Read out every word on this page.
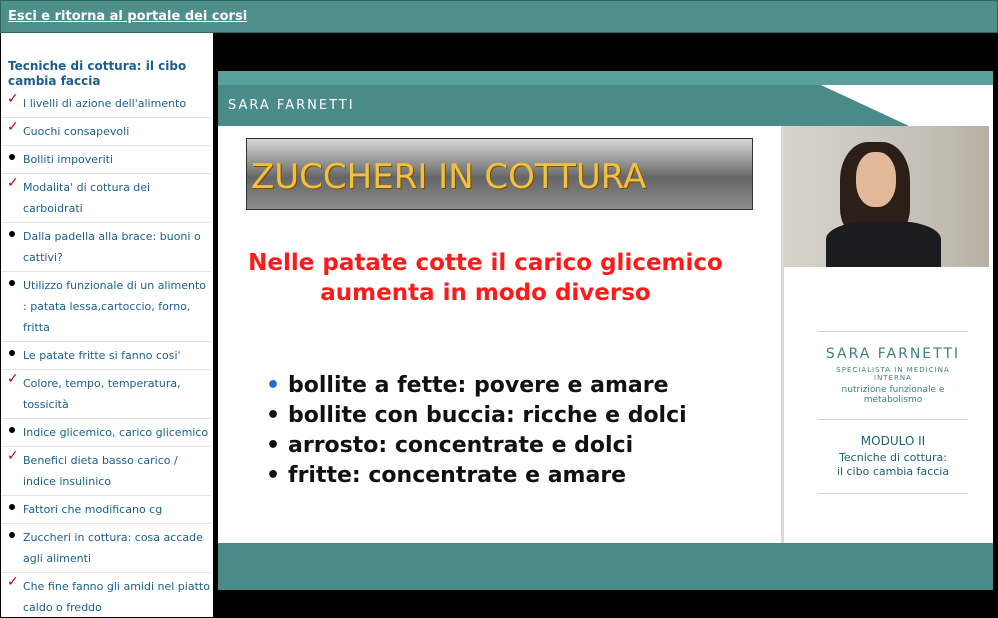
Esci e ritorna al portale dei corsi
Tecniche di cottura: il cibo cambia faccia
✓ I livelli di azione dell'alimento
✓ Cuochi consapevoli
Bolliti impoveriti
✓ Modalita' di cottura dei carboidrati
Dalla padella alla brace: buoni o cattivi?
Utilizzo funzionale di un alimento : patata lessa,cartoccio, forno, fritta
Le patate fritte si fanno cosi'
✓ Colore, tempo, temperatura, tossicità
Indice glicemico, carico glicemico
✓ Benefici dieta basso carico / indice insulinico
Fattori che modificano cg
Zuccheri in cottura: cosa accade agli alimenti
✓ Che fine fanno gli amidi nel piatto caldo o freddo
SARA FARNETTI
ZUCCHERI IN COTTURA
Nelle patate cotte il carico glicemico aumenta in modo diverso
• bollite a fette: povere e amare
• bollite con buccia: ricche e dolci
• arrosto: concentrate e dolci
• fritte: concentrate e amare
SARA FARNETTI
SPECIALISTA IN MEDICINA INTERNA
nutrizione funzionale e metabolismo
MODULO II
Tecniche di cottura:
il cibo cambia faccia
